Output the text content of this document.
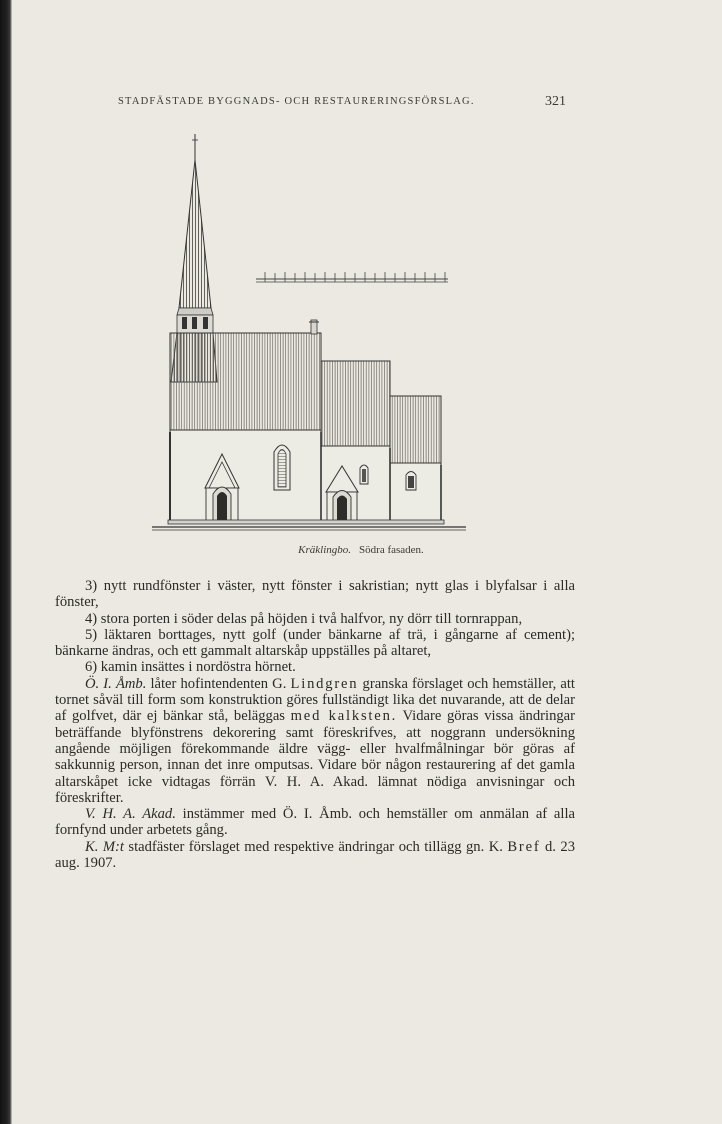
STADFÄSTADE BYGGNADS- OCH RESTAURERINGSFÖRSLAG.	321
Kräklingbo. Södra fasaden.

3) nytt rundfönster i väster, nytt fönster i sakristian; nytt glas i blyfalsar i alla fönster,

4) stora porten i söder delas på höjden i två halfvor, ny dörr till tornrappan,

5) läktaren borttages, nytt golf (under bänkarne af trä, i gångarne af cement); bänkarne ändras, och ett gammalt altarskåp uppställes på altaret,

6) kamin insättes i nordöstra hörnet.

Ö. I. Åmb. låter hofintendenten G. Lindgren granska förslaget och hemställer, att tornet såväl till form som konstruktion göres fullständigt lika det nuvarande, att de delar af golfvet, där ej bänkar stå, beläggas med kalksten. Vidare göras vissa ändringar beträffande blyfönstrens dekorering samt föreskrifves, att noggrann undersökning angående möjligen förekommande äldre vägg- eller hvalfmålningar bör göras af sakkunnig person, innan det inre omputsas. Vidare bör någon restaurering af det gamla altarskåpet icke vidtagas förrän V. H. A. Akad. lämnat nödiga anvisningar och föreskrifter.

V. H. A. Akad. instämmer med Ö. I. Åmb. och hemställer om anmälan af alla fornfynd under arbetets gång.

K. M:t stadfäster förslaget med respektive ändringar och tillägg gn. K. Bref d. 23 aug. 1907.
